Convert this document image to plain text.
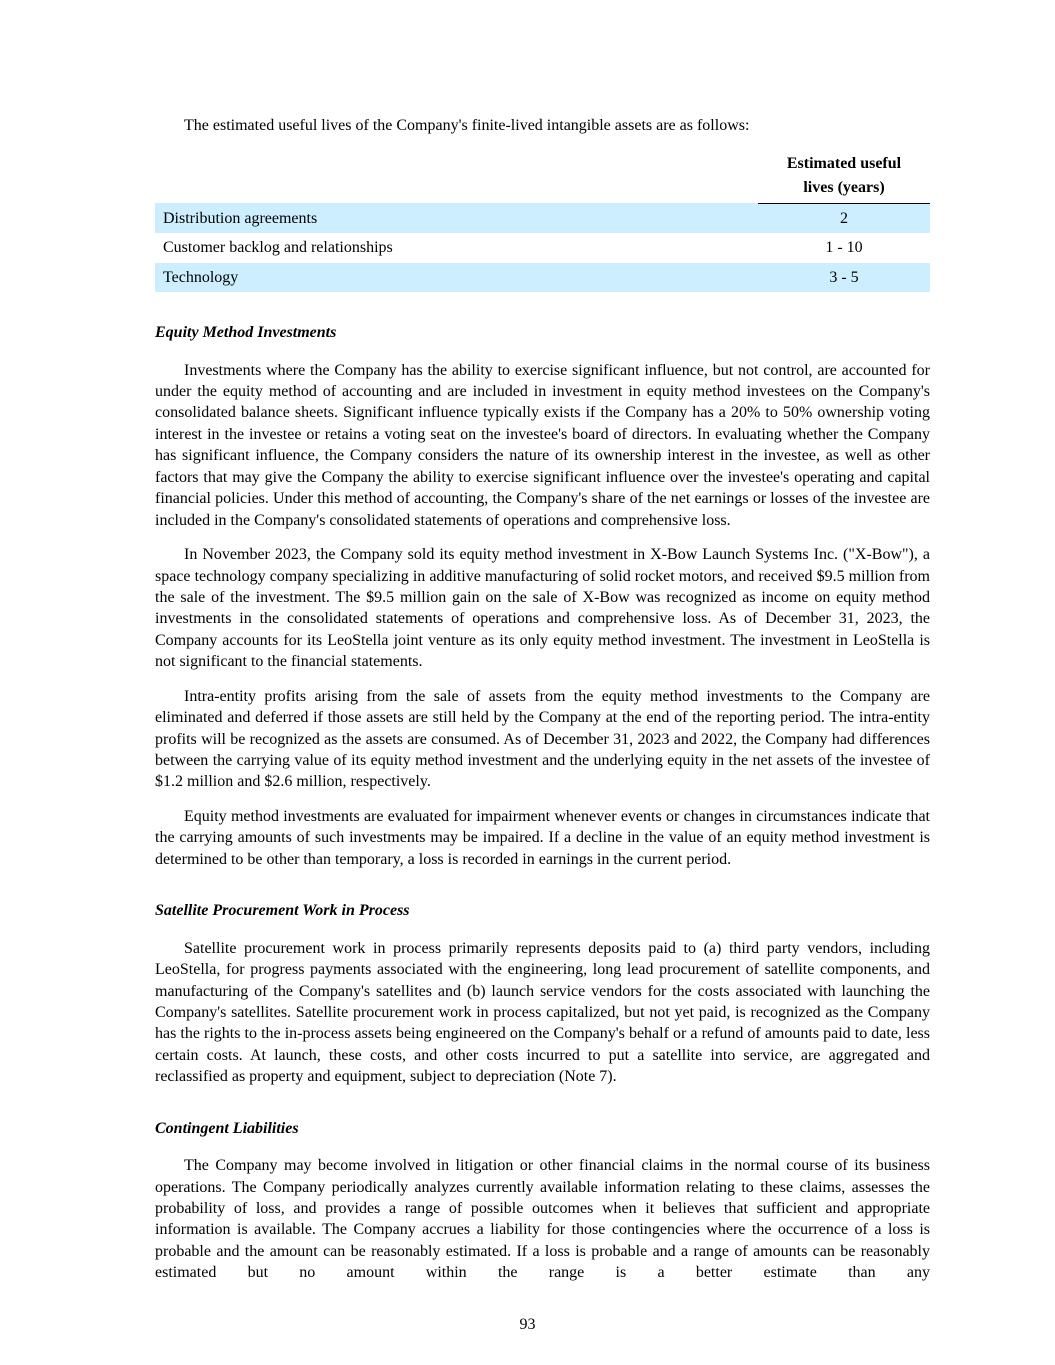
The estimated useful lives of the Company's finite-lived intangible assets are as follows:

	Estimated useful
lives (years)
Distribution agreements	2
Customer backlog and relationships	1 - 10
Technology	3 - 5
Equity Method Investments

Investments where the Company has the ability to exercise significant influence, but not control, are accounted for under the equity method of accounting and are included in investment in equity method investees on the Company's consolidated balance sheets. Significant influence typically exists if the Company has a 20% to 50% ownership voting interest in the investee or retains a voting seat on the investee's board of directors. In evaluating whether the Company has significant influence, the Company considers the nature of its ownership interest in the investee, as well as other factors that may give the Company the ability to exercise significant influence over the investee's operating and capital financial policies. Under this method of accounting, the Company's share of the net earnings or losses of the investee are included in the Company's consolidated statements of operations and comprehensive loss.

In November 2023, the Company sold its equity method investment in X-Bow Launch Systems Inc. ("X-Bow"), a space technology company specializing in additive manufacturing of solid rocket motors, and received $9.5 million from the sale of the investment. The $9.5 million gain on the sale of X-Bow was recognized as income on equity method investments in the consolidated statements of operations and comprehensive loss. As of December 31, 2023, the Company accounts for its LeoStella joint venture as its only equity method investment. The investment in LeoStella is not significant to the financial statements.

Intra-entity profits arising from the sale of assets from the equity method investments to the Company are eliminated and deferred if those assets are still held by the Company at the end of the reporting period. The intra-entity profits will be recognized as the assets are consumed. As of December 31, 2023 and 2022, the Company had differences between the carrying value of its equity method investment and the underlying equity in the net assets of the investee of $1.2 million and $2.6 million, respectively.

Equity method investments are evaluated for impairment whenever events or changes in circumstances indicate that the carrying amounts of such investments may be impaired. If a decline in the value of an equity method investment is determined to be other than temporary, a loss is recorded in earnings in the current period.

Satellite Procurement Work in Process

Satellite procurement work in process primarily represents deposits paid to (a) third party vendors, including LeoStella, for progress payments associated with the engineering, long lead procurement of satellite components, and manufacturing of the Company's satellites and (b) launch service vendors for the costs associated with launching the Company's satellites. Satellite procurement work in process capitalized, but not yet paid, is recognized as the Company has the rights to the in-process assets being engineered on the Company's behalf or a refund of amounts paid to date, less certain costs. At launch, these costs, and other costs incurred to put a satellite into service, are aggregated and reclassified as property and equipment, subject to depreciation (Note 7).

Contingent Liabilities

The Company may become involved in litigation or other financial claims in the normal course of its business operations. The Company periodically analyzes currently available information relating to these claims, assesses the probability of loss, and provides a range of possible outcomes when it believes that sufficient and appropriate information is available. The Company accrues a liability for those contingencies where the occurrence of a loss is probable and the amount can be reasonably estimated. If a loss is probable and a range of amounts can be reasonably estimated but no amount within the range is a better estimate than any

93
